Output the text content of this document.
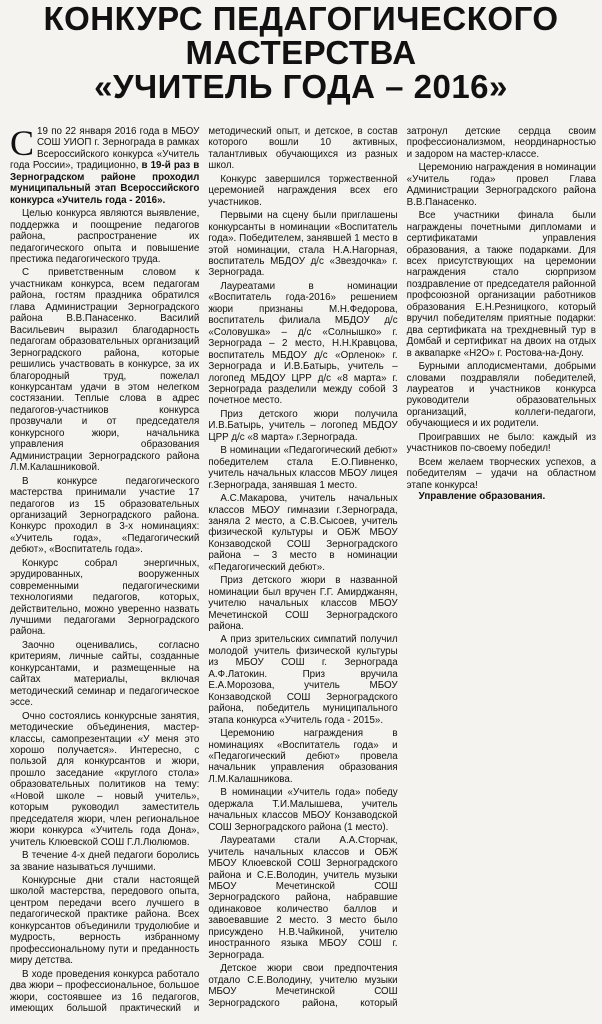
КОНКУРС ПЕДАГОГИЧЕСКОГО
МАСТЕРСТВА
«УЧИТЕЛЬ ГОДА – 2016»

С 19 по 22 января 2016 года в МБОУ СОШ УИОП г. Зернограда в рамках Всероссийского конкурса «Учитель года России», традиционно, в 19-й раз в Зерноградском районе проходил муниципальный этап Всероссийского конкурса «Учитель года - 2016».

Целью конкурса являются выявление, поддержка и поощрение педагогов района, распространение их педагогического опыта и повышение престижа педагогического труда.

С приветственным словом к участникам конкурса, всем педагогам района, гостям праздника обратился глава Администрации Зерноградского района В.В.Панасенко. Василий Васильевич выразил благодарность педагогам образовательных организаций Зерноградского района, которые решились участвовать в конкурсе, за их благородный труд, пожелал конкурсантам удачи в этом нелегком состязании. Теплые слова в адрес педагогов-участников конкурса прозвучали и от председателя конкурсного жюри, начальника управления образования Администрации Зерноградского района Л.М.Калашниковой.

В конкурсе педагогического мастерства принимали участие 17 педагогов из 15 образовательных организаций Зерноградского района. Конкурс проходил в 3-х номинациях: «Учитель года», «Педагогический дебют», «Воспитатель года».

Конкурс собрал энергичных, эрудированных, вооруженных современными педагогическими технологиями педагогов, которых, действительно, можно уверенно назвать лучшими педагогами Зерноградского района.

Заочно оценивались, согласно критериям, личные сайты, созданные конкурсантами, и размещенные на сайтах материалы, включая методический семинар и педагогическое эссе.

Очно состоялись конкурсные занятия, методические объединения, мастер-классы, самопрезентации «У меня это хорошо получается». Интересно, с пользой для конкурсантов и жюри, прошло заседание «круглого стола» образовательных политиков на тему: «Новой школе – новый учитель», которым руководил заместитель председателя жюри, член региональное жюри конкурса «Учитель года Дона», учитель Клюевской СОШ Г.Л.Люлюмов.

В течение 4-х дней педагоги боролись за звание называться лучшими.

Конкурсные дни стали настоящей школой мастерства, передового опыта, центром передачи всего лучшего в педагогической практике района. Всех конкурсантов объединили трудолюбие и мудрость, верность избранному профессиональному пути и преданность миру детства.

В ходе проведения конкурса работало два жюри – профессиональное, большое жюри, состоявшее из 16 педагогов, имеющих большой практический и методический опыт, и детское, в состав которого вошли 10 активных, талантливых обучающихся из разных школ.

Конкурс завершился торжественной церемонией награждения всех его участников.

Первыми на сцену были приглашены конкурсанты в номинации «Воспитатель года». Победителем, занявшей 1 место в этой номинации, стала Н.А.Нагорная, воспитатель МБДОУ д/с «Звездочка» г. Зернограда.

Лауреатами в номинации «Воспитатель года-2016» решением жюри признаны М.Н.Федорова, воспитатель филиала МБДОУ д/с «Соловушка» – д/с «Солнышко» г. Зернограда – 2 место, Н.Н.Кравцова, воспитатель МБДОУ д/с «Орленок» г. Зернограда и И.В.Батырь, учитель – логопед МБДОУ ЦРР д/с «8 марта» г. Зернограда разделили между собой 3 почетное место.

Приз детского жюри получила И.В.Батырь, учитель – логопед МБДОУ ЦРР д/с «8 марта» г.Зернограда.

В номинации «Педагогический дебют» победителем стала Е.О.Пивненко, учитель начальных классов МБОУ лицея г.Зернограда, занявшая 1 место.

А.С.Макарова, учитель начальных классов МБОУ гимназии г.Зернограда, заняла 2 место, а С.В.Сысоев, учитель физической культуры и ОБЖ МБОУ Конзаводской СОШ Зерноградского района – 3 место в номинации «Педагогический дебют».

Приз детского жюри в названной номинации был вручен Г.Г. Амирджанян, учителю начальных классов МБОУ Мечетинской СОШ Зерноградского района.

А приз зрительских симпатий получил молодой учитель физической культуры из МБОУ СОШ г. Зернограда А.Ф.Латокин. Приз вручила Е.А.Морозова, учитель МБОУ Конзаводской СОШ Зерноградского района, победитель муниципального этапа конкурса «Учитель года - 2015».

Церемонию награждения в номинациях «Воспитатель года» и «Педагогический дебют» провела начальник управления образования Л.М.Калашникова.

В номинации «Учитель года» победу одержала Т.И.Малышева, учитель начальных классов МБОУ Конзаводской СОШ Зерноградского района (1 место).

Лауреатами стали А.А.Сторчак, учитель начальных классов и ОБЖ МБОУ Клюевской СОШ Зерноградского района и С.Е.Володин, учитель музыки МБОУ Мечетинской СОШ Зерноградского района, набравшие одинаковое количество баллов и завоевавшие 2 место. 3 место было присуждено Н.В.Чайкиной, учителю иностранного языка МБОУ СОШ г. Зернограда.

Детское жюри свои предпочтения отдало С.Е.Володину, учителю музыки МБОУ Мечетинской СОШ Зерноградского района, который затронул детские сердца своим профессионализмом, неординарностью и задором на мастер-классе.

Церемонию награждения в номинации «Учитель года» провел Глава Администрации Зерноградского района В.В.Панасенко.

Все участники финала были награждены почетными дипломами и сертификатами управления образования, а также подарками. Для всех присутствующих на церемонии награждения стало сюрпризом поздравление от председателя районной профсоюзной организации работников образования Е.Н.Резницкого, который вручил победителям приятные подарки: два сертификата на трехдневный тур в Домбай и сертификат на двоих на отдых в аквапарке «Н2О» г. Ростова-на-Дону.

Бурными аплодисментами, добрыми словами поздравляли победителей, лауреатов и участников конкурса руководители образовательных организаций, коллеги-педагоги, обучающиеся и их родители.

Проигравших не было: каждый из участников по-своему победил!

Всем желаем творческих успехов, а победителям – удачи на областном этапе конкурса!

Управление образования.
